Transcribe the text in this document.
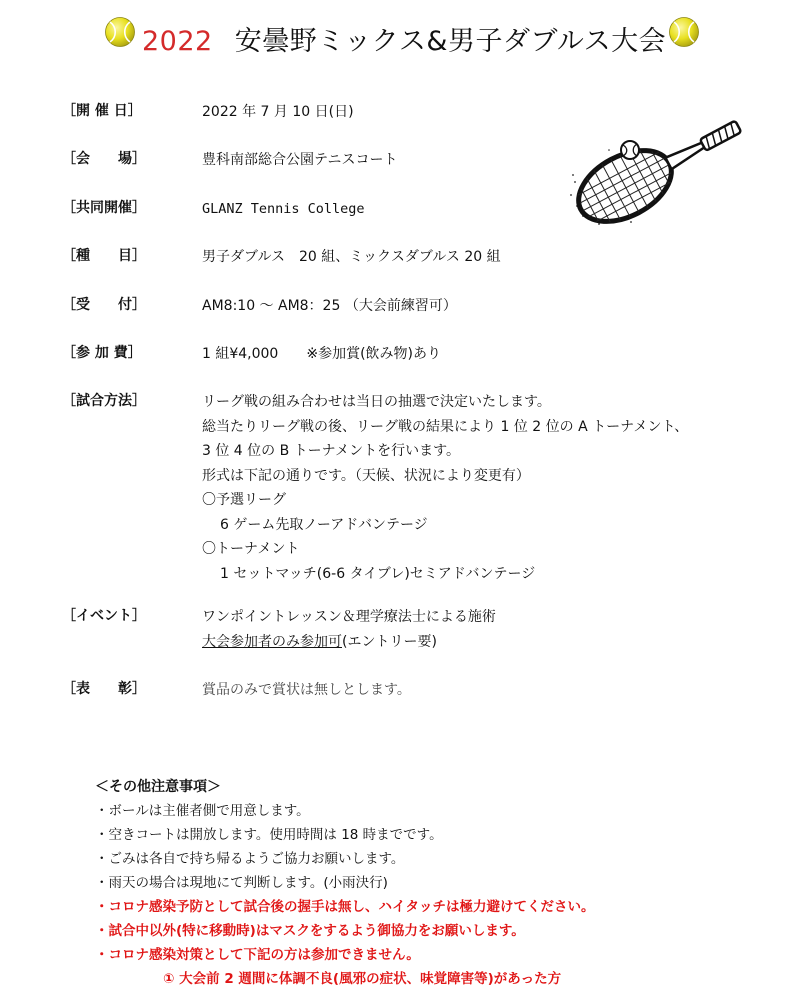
2022 安曇野ミックス&男子ダブルス大会
［開 催 日］	2022 年 7 月 10 日(日)
［会　　場］	豊科南部総合公園テニスコート
［共同開催］	GLANZ Tennis College
［種　　目］	男子ダブルス　20 組、ミックスダブルス 20 組
［受　　付］	AM8:10 ～ AM8：25 （大会前練習可）
［参 加 費］	1 組¥4,000　　※参加賞(飲み物)あり
［試合方法］	リーグ戦の組み合わせは当日の抽選で決定いたします。
総当たりリーグ戦の後、リーグ戦の結果により 1 位 2 位の A トーナメント、
3 位 4 位の B トーナメントを行います。
形式は下記の通りです。（天候、状況により変更有）
〇予選リーグ
6 ゲーム先取ノーアドバンテージ
〇トーナメント
1 セットマッチ(6-6 タイブレ)セミアドバンテージ
［イベント］	ワンポイントレッスン＆理学療法士による施術
大会参加者のみ参加可(エントリー要)
［表　　彰］	賞品のみで賞状は無しとします。
＜その他注意事項＞
・ボールは主催者側で用意します。
・空きコートは開放します。使用時間は 18 時までです。
・ごみは各自で持ち帰るようご協力お願いします。
・雨天の場合は現地にて判断します。(小雨決行)
・コロナ感染予防として試合後の握手は無し、ハイタッチは極力避けてください。
・試合中以外(特に移動時)はマスクをするよう御協力をお願いします。
・コロナ感染対策として下記の方は参加できません。
① 大会前 2 週間に体調不良(風邪の症状、味覚障害等)があった方
